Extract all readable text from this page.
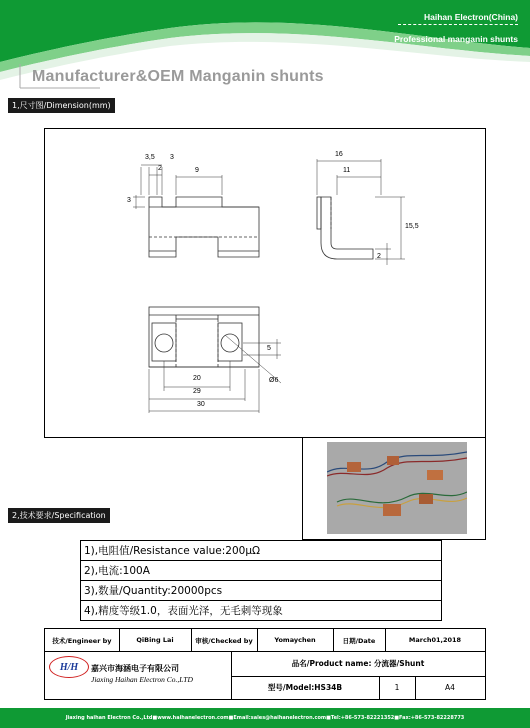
Haihan Electron(China)
Professional manganin shunts
Manufacturer&OEM Manganin shunts
1,尺寸图/Dimension(mm)
3,5 3
2	9
3
16
11
15,5
2
5
20
29
30
Ø6
2,技术要求/Specification
1),电阻值/Resistance value:200μΩ
2),电流:100A
3),数量/Quantity:20000pcs
4),精度等级1.0，表面光泽，无毛刺等现象
技术/Engineer by	QiBing Lai	审核/Checked by	Yomaychen	日期/Date	March01,2018
H/H	嘉兴市海涵电子有限公司
Jiaxing Haihan Electron Co.,LTD
品名/Product name: 分流器/Shunt
型号/Model:HS34B	1	A4
Jiaxing haihan Electron Co.,Ltd■www.haihanelectron.com■Email:sales@haihanelectron.com■Tel:+86-573-82221352■Fax:+86-573-82228773
